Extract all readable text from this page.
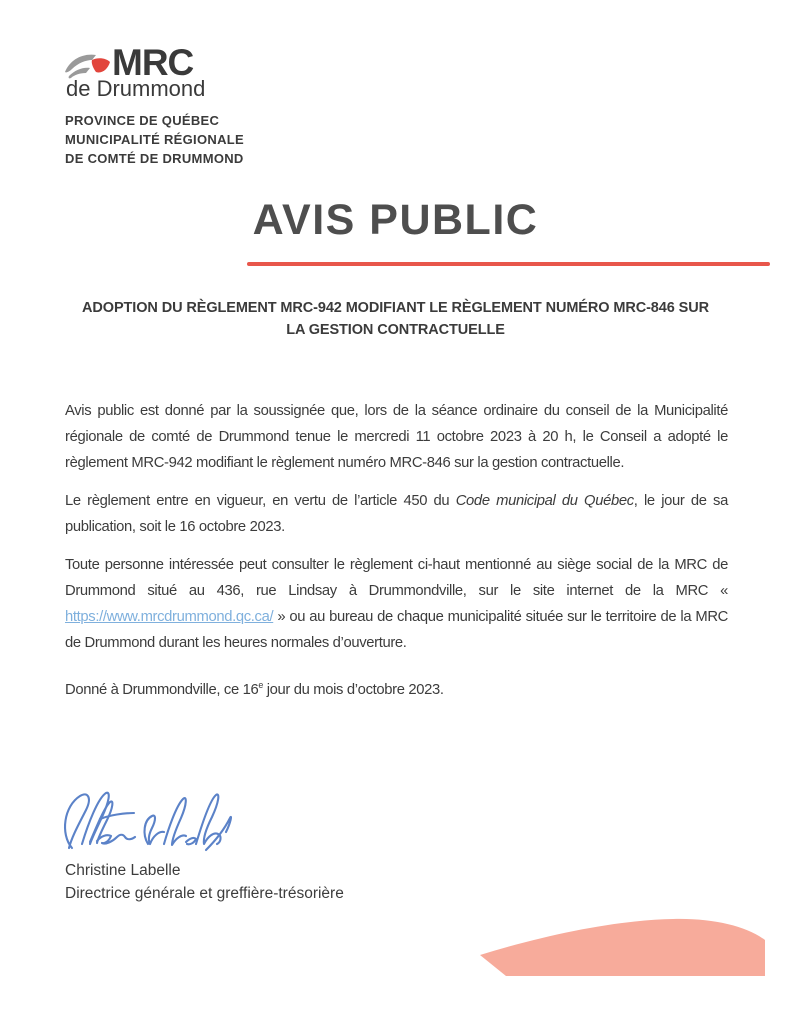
MRC
de Drummond
PROVINCE DE QUÉBEC
MUNICIPALITÉ RÉGIONALE
DE COMTÉ DE DRUMMOND
AVIS PUBLIC
ADOPTION DU RÈGLEMENT MRC-942 MODIFIANT LE RÈGLEMENT NUMÉRO MRC-846 SUR
LA GESTION CONTRACTUELLE

Avis public est donné par la soussignée que, lors de la séance ordinaire du conseil de la Municipalité régionale de comté de Drummond tenue le mercredi 11 octobre 2023 à 20 h, le Conseil a adopté le règlement MRC-942 modifiant le règlement numéro MRC-846 sur la gestion contractuelle.

Le règlement entre en vigueur, en vertu de l’article 450 du Code municipal du Québec, le jour de sa publication, soit le 16 octobre 2023.

Toute personne intéressée peut consulter le règlement ci-haut mentionné au siège social de la MRC de Drummond situé au 436, rue Lindsay à Drummondville, sur le site internet de la MRC « https://www.mrcdrummond.qc.ca/ » ou au bureau de chaque municipalité située sur le territoire de la MRC de Drummond durant les heures normales d’ouverture.

Donné à Drummondville, ce 16e jour du mois d’octobre 2023.

Christine Labelle
Directrice générale et greffière-trésorière
